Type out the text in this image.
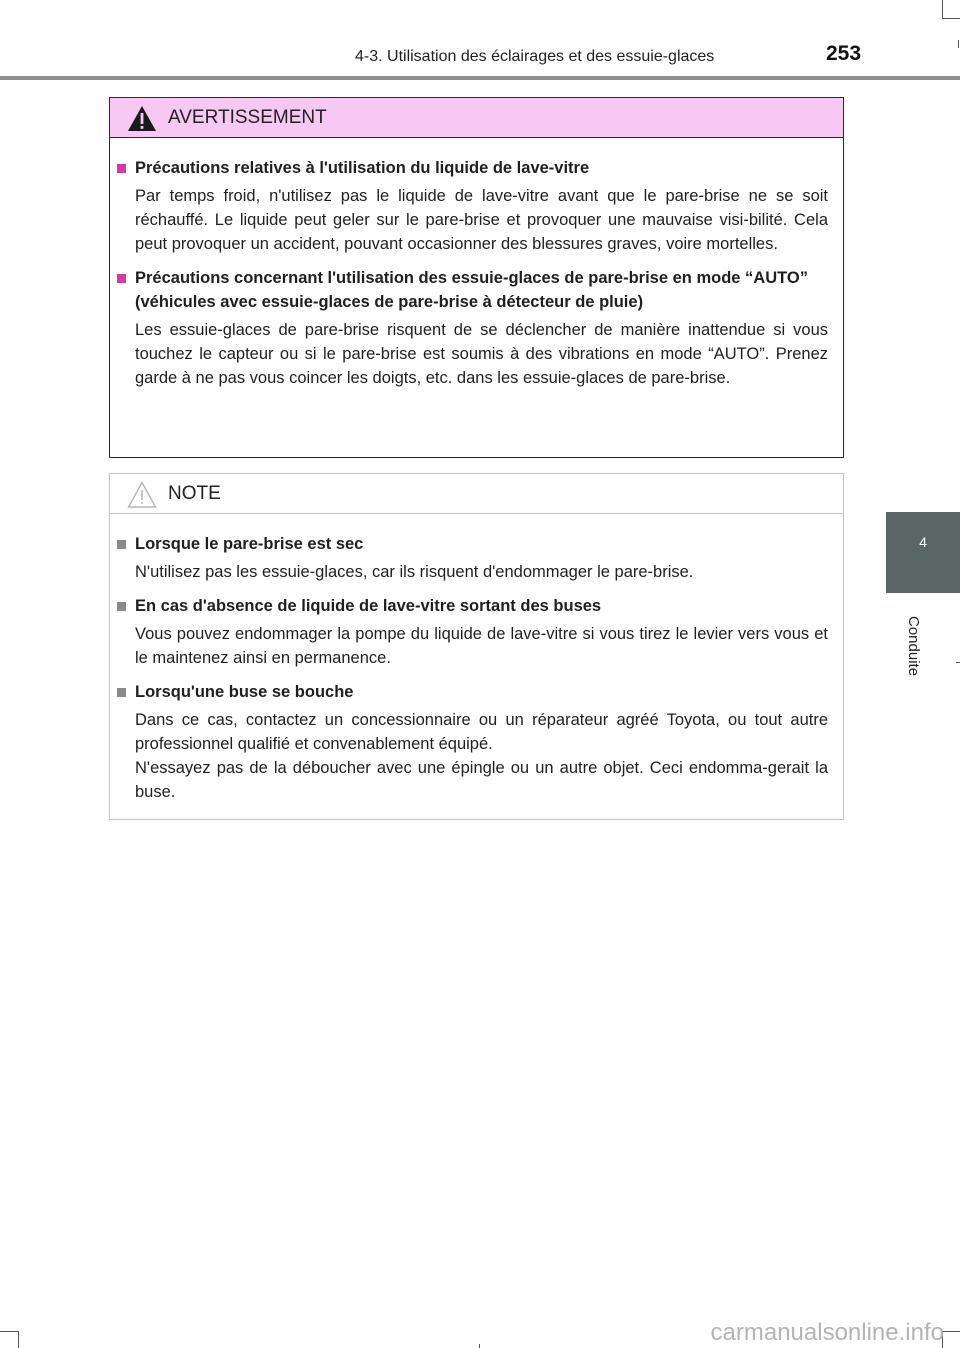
4-3. Utilisation des éclairages et des essuie-glaces	253
4
Conduite
AVERTISSEMENT
Précautions relatives à l'utilisation du liquide de lave-vitre
Par temps froid, n'utilisez pas le liquide de lave-vitre avant que le pare-brise ne se soit réchauffé. Le liquide peut geler sur le pare-brise et provoquer une mauvaise visi-bilité. Cela peut provoquer un accident, pouvant occasionner des blessures graves, voire mortelles.
Précautions concernant l'utilisation des essuie-glaces de pare-brise en mode “AUTO” (véhicules avec essuie-glaces de pare-brise à détecteur de pluie)
Les essuie-glaces de pare-brise risquent de se déclencher de manière inattendue si vous touchez le capteur ou si le pare-brise est soumis à des vibrations en mode “AUTO”. Prenez garde à ne pas vous coincer les doigts, etc. dans les essuie-glaces de pare-brise.
NOTE
Lorsque le pare-brise est sec
N'utilisez pas les essuie-glaces, car ils risquent d'endommager le pare-brise.
En cas d'absence de liquide de lave-vitre sortant des buses
Vous pouvez endommager la pompe du liquide de lave-vitre si vous tirez le levier vers vous et le maintenez ainsi en permanence.
Lorsqu'une buse se bouche
Dans ce cas, contactez un concessionnaire ou un réparateur agréé Toyota, ou tout autre professionnel qualifié et convenablement équipé.
N'essayez pas de la déboucher avec une épingle ou un autre objet. Ceci endomma-gerait la buse.
carmanualsonline.info
